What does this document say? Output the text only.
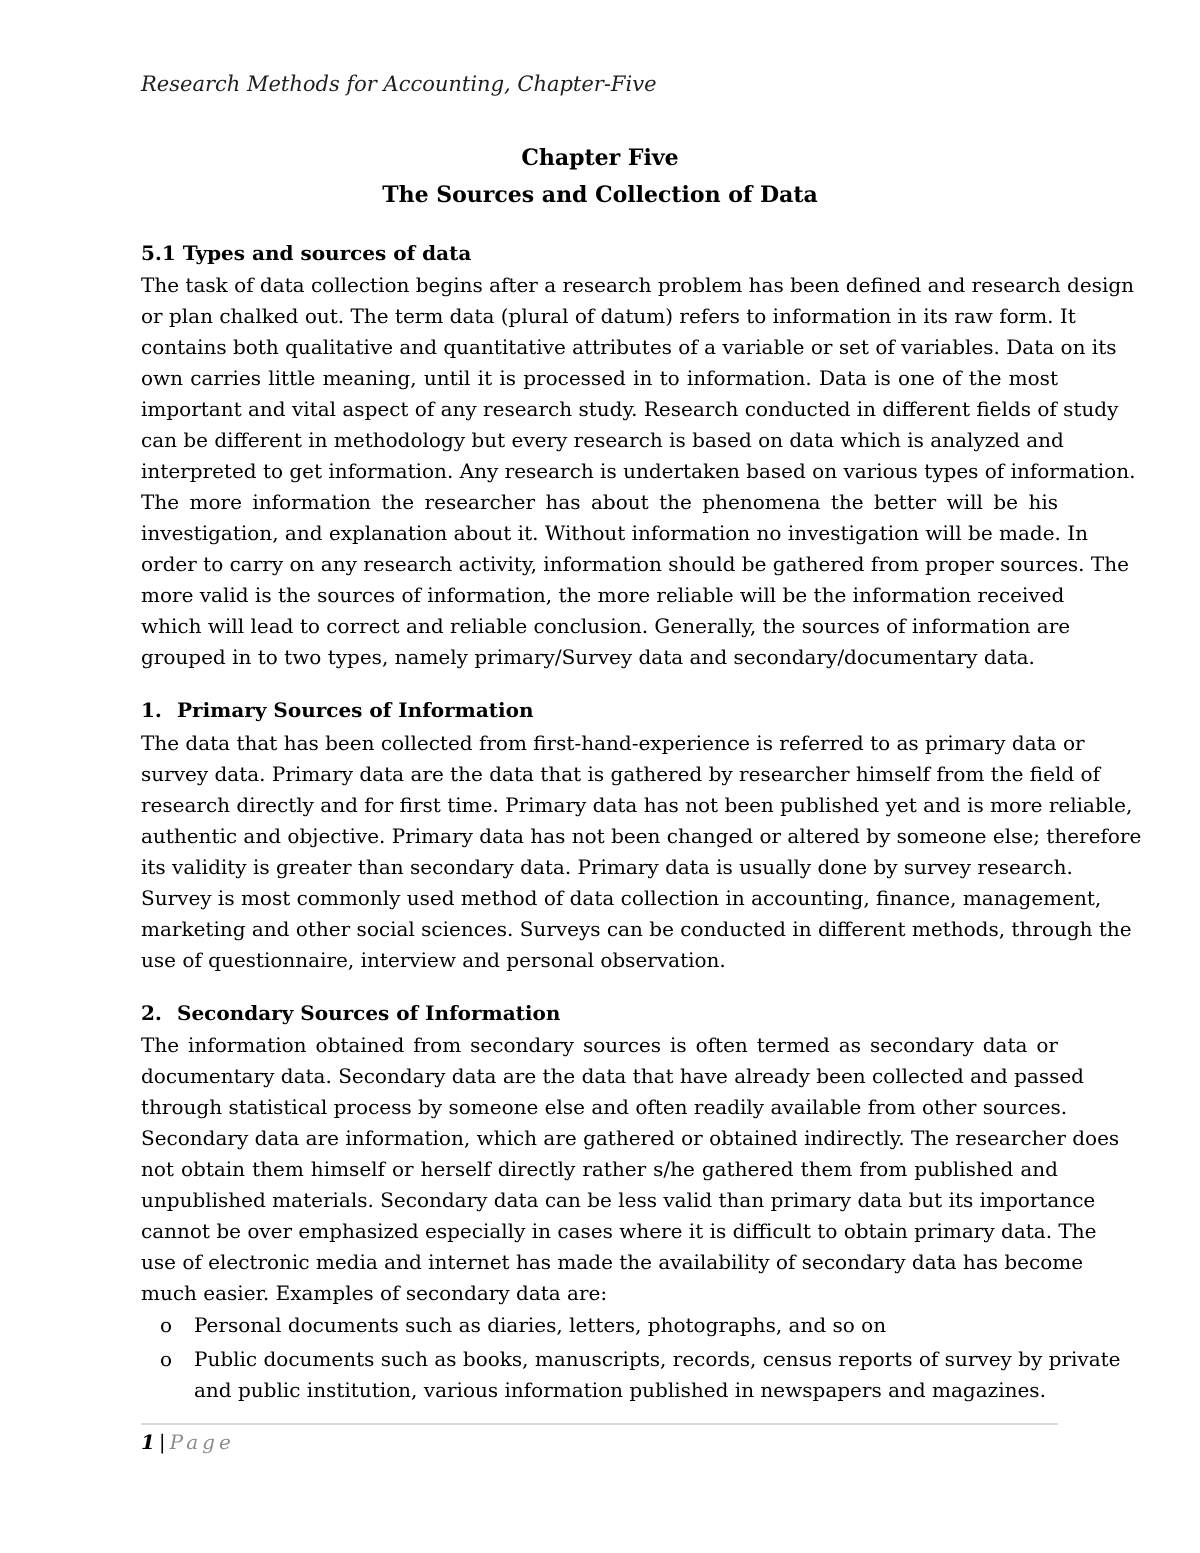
Research Methods for Accounting, Chapter-Five
Chapter Five
The Sources and Collection of Data
5.1 Types and sources of data
The task of data collection begins after a research problem has been defined and research design
or plan chalked out. The term data (plural of datum) refers to information in its raw form. It
contains both qualitative and quantitative attributes of a variable or set of variables. Data on its
own carries little meaning, until it is processed in to information. Data is one of the most
important and vital aspect of any research study. Research conducted in different fields of study
can be different in methodology but every research is based on data which is analyzed and
interpreted to get information. Any research is undertaken based on various types of information.
The more information the researcher has about the phenomena the better will be his
investigation, and explanation about it. Without information no investigation will be made. In
order to carry on any research activity, information should be gathered from proper sources. The
more valid is the sources of information, the more reliable will be the information received
which will lead to correct and reliable conclusion. Generally, the sources of information are
grouped in to two types, namely primary/Survey data and secondary/documentary data.
1. Primary Sources of Information
The data that has been collected from first-hand-experience is referred to as primary data or
survey data. Primary data are the data that is gathered by researcher himself from the field of
research directly and for first time. Primary data has not been published yet and is more reliable,
authentic and objective. Primary data has not been changed or altered by someone else; therefore
its validity is greater than secondary data. Primary data is usually done by survey research.
Survey is most commonly used method of data collection in accounting, finance, management,
marketing and other social sciences. Surveys can be conducted in different methods, through the
use of questionnaire, interview and personal observation.
2. Secondary Sources of Information
The information obtained from secondary sources is often termed as secondary data or
documentary data. Secondary data are the data that have already been collected and passed
through statistical process by someone else and often readily available from other sources.
Secondary data are information, which are gathered or obtained indirectly. The researcher does
not obtain them himself or herself directly rather s/he gathered them from published and
unpublished materials. Secondary data can be less valid than primary data but its importance
cannot be over emphasized especially in cases where it is difficult to obtain primary data. The
use of electronic media and internet has made the availability of secondary data has become
much easier. Examples of secondary data are:
o Personal documents such as diaries, letters, photographs, and so on
o Public documents such as books, manuscripts, records, census reports of survey by private
and public institution, various information published in newspapers and magazines.
1 | Page
